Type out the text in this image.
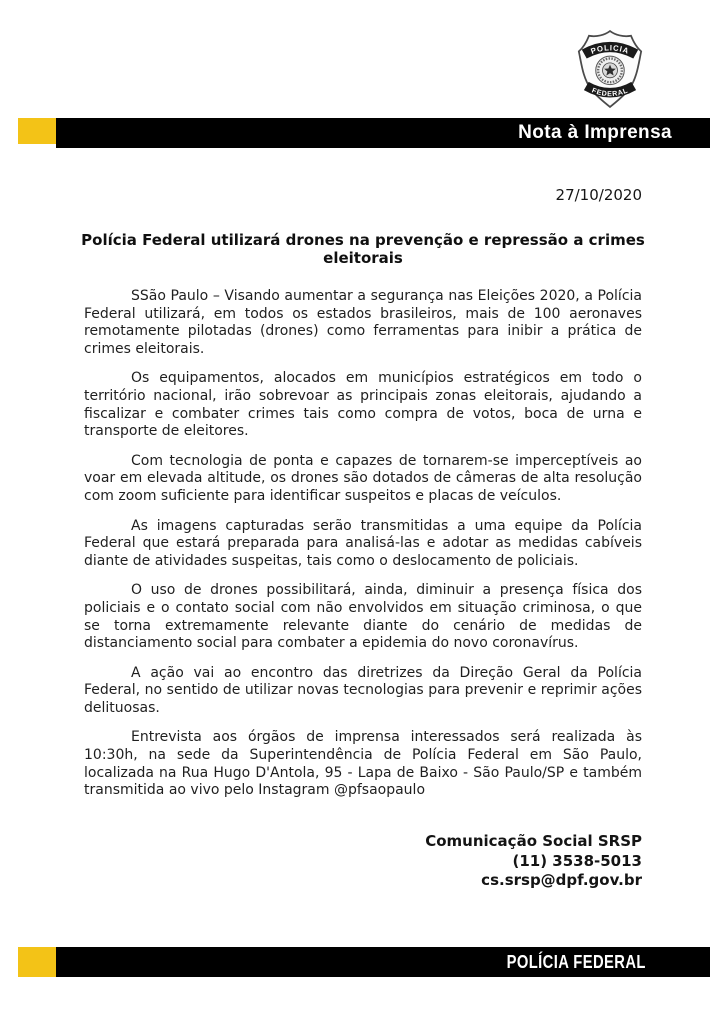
POLICIA
FEDERAL
Nota à Imprensa
27/10/2020
Polícia Federal utilizará drones na prevenção e repressão a crimes eleitorais

SSão Paulo – Visando aumentar a segurança nas Eleições 2020, a Polícia Federal utilizará, em todos os estados brasileiros, mais de 100 aeronaves remotamente pilotadas (drones) como ferramentas para inibir a prática de crimes eleitorais.

Os equipamentos, alocados em municípios estratégicos em todo o território nacional, irão sobrevoar as principais zonas eleitorais, ajudando a fiscalizar e combater crimes tais como compra de votos, boca de urna e transporte de eleitores.

Com tecnologia de ponta e capazes de tornarem-se imperceptíveis ao voar em elevada altitude, os drones são dotados de câmeras de alta resolução com zoom suficiente para identificar suspeitos e placas de veículos.

As imagens capturadas serão transmitidas a uma equipe da Polícia Federal que estará preparada para analisá-las e adotar as medidas cabíveis diante de atividades suspeitas, tais como o deslocamento de policiais.

O uso de drones possibilitará, ainda, diminuir a presença física dos policiais e o contato social com não envolvidos em situação criminosa, o que se torna extremamente relevante diante do cenário de medidas de distanciamento social para combater a epidemia do novo coronavírus.

A ação vai ao encontro das diretrizes da Direção Geral da Polícia Federal, no sentido de utilizar novas tecnologias para prevenir e reprimir ações delituosas.

Entrevista aos órgãos de imprensa interessados será realizada às 10:30h, na sede da Superintendência de Polícia Federal em São Paulo, localizada na Rua Hugo D'Antola, 95 - Lapa de Baixo - São Paulo/SP e também transmitida ao vivo pelo Instagram @pfsaopaulo

Comunicação Social SRSP
(11) 3538-5013
cs.srsp@dpf.gov.br
POLÍCIA FEDERAL
